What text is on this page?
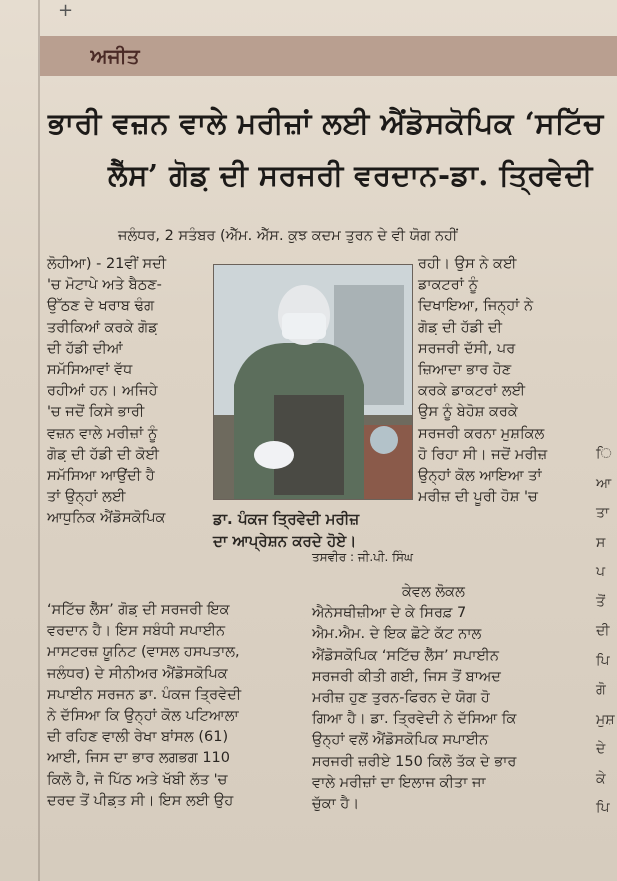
+
ਅਜੀਤ
ਭਾਰੀ ਵਜ਼ਨ ਵਾਲੇ ਮਰੀਜ਼ਾਂ ਲਈ ਐਂਡੋਸਕੋਪਿਕ ‘ਸਟਿੱਚ
ਲੈੱਸ’ ਗੋਡ਼ ਦੀ ਸਰਜਰੀ ਵਰਦਾਨ-ਡਾ. ਤ੍ਰਿਵੇਦੀ
ਜਲੰਧਰ, 2 ਸਤੰਬਰ (ਐੱਮ. ਐੱਸ. ਕੁਝ ਕਦਮ ਤੁਰਨ ਦੇ ਵੀ ਯੋਗ ਨਹੀਂ
ਲੋਹੀਆ) - 21ਵੀਂ ਸਦੀ
'ਚ ਮੋਟਾਪੇ ਅਤੇ ਬੈਠਣ-
ਉੱਠਣ ਦੇ ਖਰਾਬ ਢੰਗ
ਤਰੀਕਿਆਂ ਕਰਕੇ ਗੋਡ਼
ਦੀ ਹੱਡੀ ਦੀਆਂ
ਸਮੱਸਿਆਵਾਂ ਵੱਧ
ਰਹੀਆਂ ਹਨ। ਅਜਿਹੇ
'ਚ ਜਦੋਂ ਕਿਸੇ ਭਾਰੀ
ਵਜ਼ਨ ਵਾਲੇ ਮਰੀਜ਼ਾਂ ਨੂੰ
ਗੋਡ਼ ਦੀ ਹੱਡੀ ਦੀ ਕੋਈ
ਸਮੱਸਿਆ ਆਉਂਦੀ ਹੈ
ਤਾਂ ਉਨ੍ਹਾਂ ਲਈ
ਆਧੁਨਿਕ ਐਂਡੋਸਕੋਪਿਕ
ਰਹੀ। ਉਸ ਨੇ ਕਈ
ਡਾਕਟਰਾਂ ਨੂੰ
ਦਿਖਾਇਆ, ਜਿਨ੍ਹਾਂ ਨੇ
ਗੋਡ਼ ਦੀ ਹੱਡੀ ਦੀ
ਸਰਜਰੀ ਦੱਸੀ, ਪਰ
ਜ਼ਿਆਦਾ ਭਾਰ ਹੋਣ
ਕਰਕੇ ਡਾਕਟਰਾਂ ਲਈ
ਉਸ ਨੂੰ ਬੇਹੋਸ਼ ਕਰਕੇ
ਸਰਜਰੀ ਕਰਨਾ ਮੁਸ਼ਕਿਲ
ਹੋ ਰਿਹਾ ਸੀ। ਜਦੋਂ ਮਰੀਜ਼
ਉਨ੍ਹਾਂ ਕੋਲ ਆਇਆ ਤਾਂ
ਮਰੀਜ਼ ਦੀ ਪੂਰੀ ਹੋਸ਼ 'ਚ
ਡਾ. ਪੰਕਜ ਤ੍ਰਿਵੇਦੀ ਮਰੀਜ਼
ਦਾ ਆਪ੍ਰੇਸ਼ਨ ਕਰਦੇ ਹੋਏ।
ਤਸਵੀਰ : ਜੀ.ਪੀ. ਸਿੰਘ
‘ਸਟਿੱਚ ਲੈੱਸ’ ਗੋਡ਼ ਦੀ ਸਰਜਰੀ ਇਕ
ਵਰਦਾਨ ਹੈ। ਇਸ ਸਬੰਧੀ ਸਪਾਈਨ
ਮਾਸਟਰਜ਼ ਯੂਨਿਟ (ਵਾਸਲ ਹਸਪਤਾਲ,
ਜਲੰਧਰ) ਦੇ ਸੀਨੀਅਰ ਐਂਡੋਸਕੋਪਿਕ
ਸਪਾਈਨ ਸਰਜਨ ਡਾ. ਪੰਕਜ ਤ੍ਰਿਵੇਦੀ
ਨੇ ਦੱਸਿਆ ਕਿ ਉਨ੍ਹਾਂ ਕੋਲ ਪਟਿਆਲਾ
ਦੀ ਰਹਿਣ ਵਾਲੀ ਰੇਖਾ ਬਾਂਸਲ (61)
ਆਈ, ਜਿਸ ਦਾ ਭਾਰ ਲਗਭਗ 110
ਕਿਲੋ ਹੈ, ਜੋ ਪਿੱਠ ਅਤੇ ਖੱਬੀ ਲੱਤ 'ਚ
ਦਰਦ ਤੋਂ ਪੀਡ਼ਤ ਸੀ। ਇਸ ਲਈ ਉਹ
ਕੇਵਲ ਲੋਕਲ
ਐਨੇਸਥੀਜ਼ੀਆ ਦੇ ਕੇ ਸਿਰਫ਼ 7
ਐਮ.ਐਮ. ਦੇ ਇਕ ਛੋਟੇ ਕੱਟ ਨਾਲ
ਐਂਡੋਸਕੋਪਿਕ ‘ਸਟਿੱਚ ਲੈੱਸ’ ਸਪਾਈਨ
ਸਰਜਰੀ ਕੀਤੀ ਗਈ, ਜਿਸ ਤੋਂ ਬਾਅਦ
ਮਰੀਜ਼ ਹੁਣ ਤੁਰਨ-ਫਿਰਨ ਦੇ ਯੋਗ ਹੋ
ਗਿਆ ਹੈ। ਡਾ. ਤ੍ਰਿਵੇਦੀ ਨੇ ਦੱਸਿਆ ਕਿ
ਉਨ੍ਹਾਂ ਵਲੋਂ ਐਂਡੋਸਕੋਪਿਕ ਸਪਾਈਨ
ਸਰਜਰੀ ਜ਼ਰੀਏ 150 ਕਿਲੋ ਤੱਕ ਦੇ ਭਾਰ
ਵਾਲੇ ਮਰੀਜ਼ਾਂ ਦਾ ਇਲਾਜ ਕੀਤਾ ਜਾ
ਚੁੱਕਾ ਹੈ।
ਿ
ਆ
ਤਾ
ਸ
ਪ
ਤੋਂ
ਦੀ
ਪਿ
ਗੋ
ਮੁਸ਼
ਦੇ
ਕੇ
ਪਿ
